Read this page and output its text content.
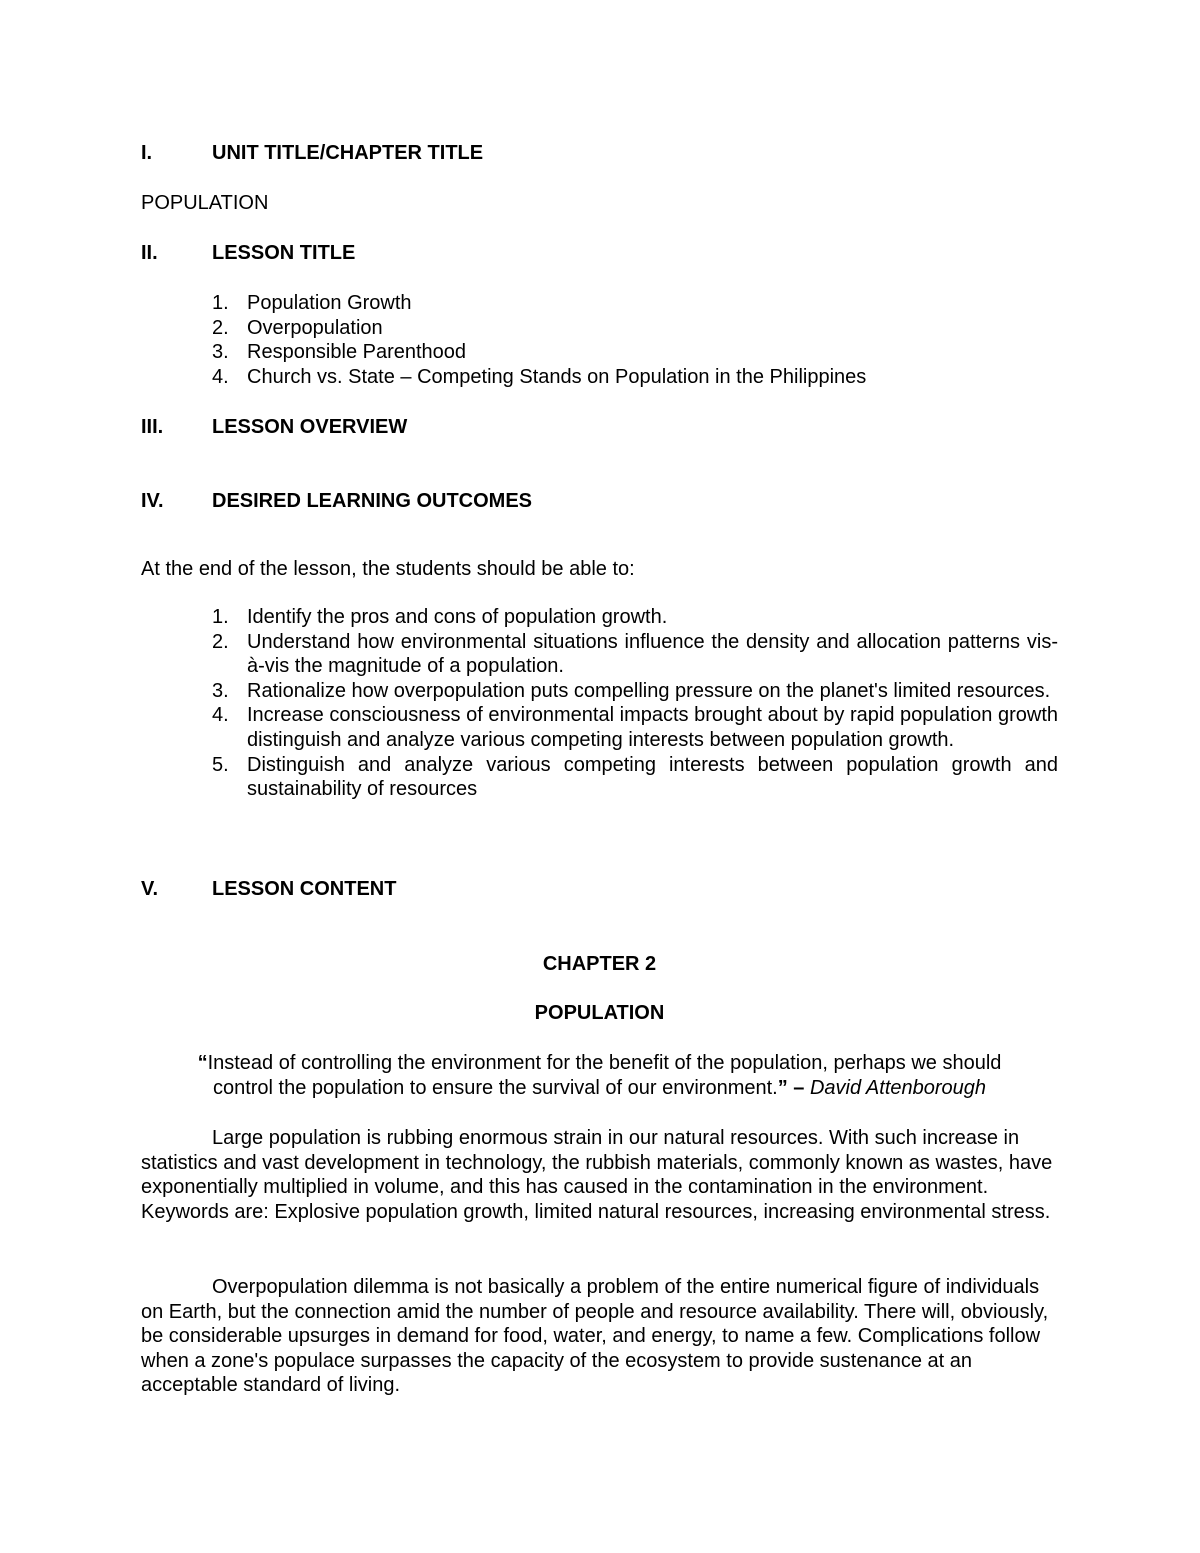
I.	UNIT TITLE/CHAPTER TITLE
POPULATION
II.	LESSON TITLE
1. Population Growth
2. Overpopulation
3. Responsible Parenthood
4. Church vs. State – Competing Stands on Population in the Philippines
III. LESSON OVERVIEW
IV. DESIRED LEARNING OUTCOMES
At the end of the lesson, the students should be able to:
1. Identify the pros and cons of population growth.
2. Understand how environmental situations influence the density and allocation patterns vis-à-vis the magnitude of a population.
3. Rationalize how overpopulation puts compelling pressure on the planet's limited resources.
4. Increase consciousness of environmental impacts brought about by rapid population growth distinguish and analyze various competing interests between population growth.
5. Distinguish and analyze various competing interests between population growth and sustainability of resources
V.	LESSON CONTENT
CHAPTER 2
POPULATION
“Instead of controlling the environment for the benefit of the population, perhaps we should
control the population to ensure the survival of our environment.” – David Attenborough

Large population is rubbing enormous strain in our natural resources. With such increase in statistics and vast development in technology, the rubbish materials, commonly known as wastes, have exponentially multiplied in volume, and this has caused in the contamination in the environment. Keywords are: Explosive population growth, limited natural resources, increasing environmental stress.

Overpopulation dilemma is not basically a problem of the entire numerical figure of individuals on Earth, but the connection amid the number of people and resource availability. There will, obviously, be considerable upsurges in demand for food, water, and energy, to name a few. Complications follow when a zone's populace surpasses the capacity of the ecosystem to provide sustenance at an acceptable standard of living.
